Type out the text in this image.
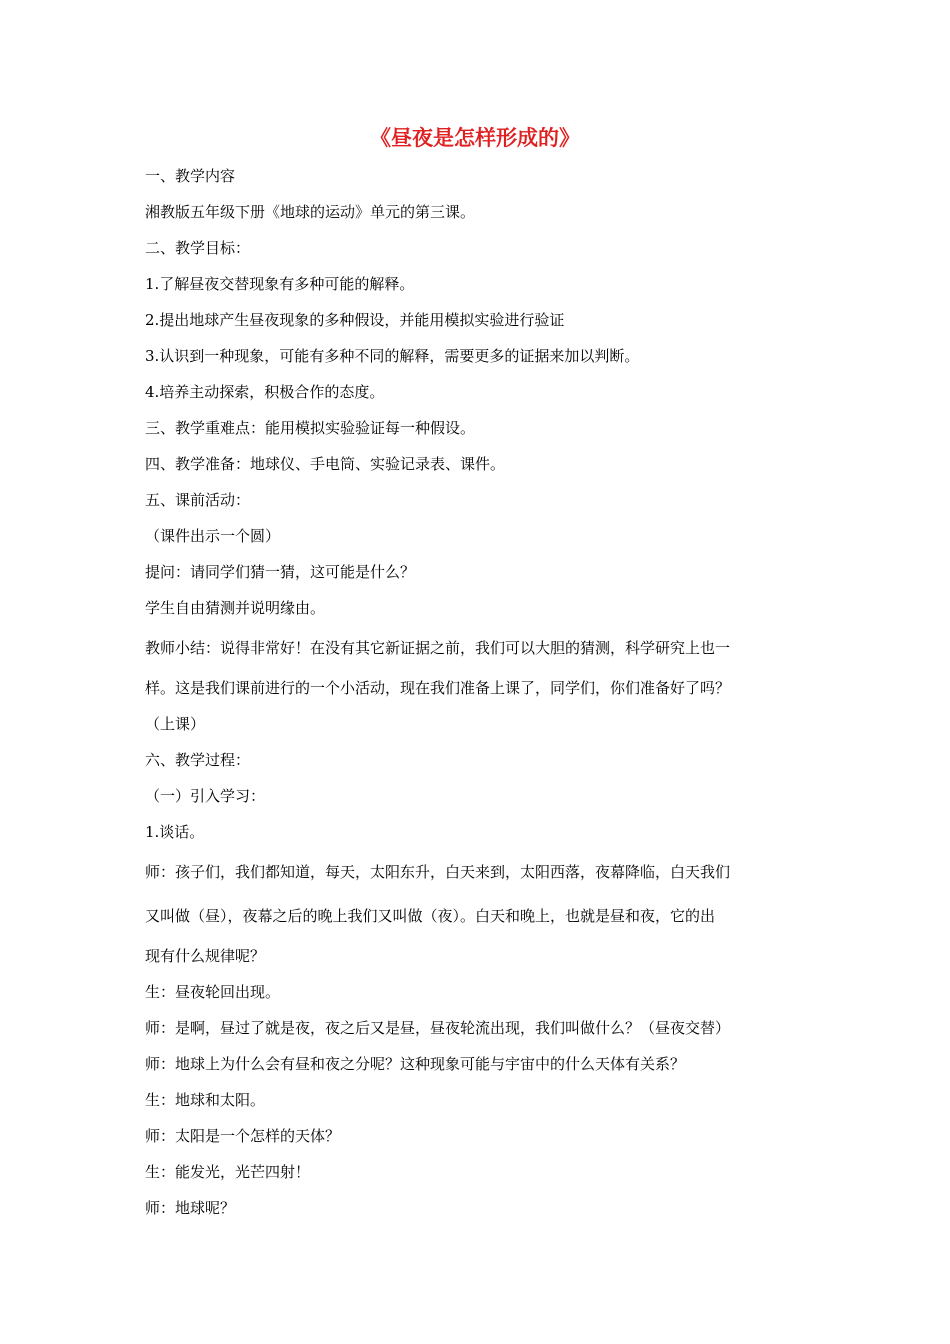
《昼夜是怎样形成的》
一、教学内容
湘教版五年级下册《地球的运动》单元的第三课。
二、教学目标：
1.了解昼夜交替现象有多种可能的解释。
2.提出地球产生昼夜现象的多种假设，并能用模拟实验进行验证
3.认识到一种现象，可能有多种不同的解释，需要更多的证据来加以判断。
4.培养主动探索，积极合作的态度。
三、教学重难点：能用模拟实验验证每一种假设。
四、教学准备：地球仪、手电筒、实验记录表、课件。
五、课前活动：
（课件出示一个圆）
提问：请同学们猜一猜，这可能是什么？
学生自由猜测并说明缘由。
教师小结：说得非常好！在没有其它新证据之前，我们可以大胆的猜测，科学研究上也一
样。这是我们课前进行的一个小活动，现在我们准备上课了，同学们，你们准备好了吗？
（上课）
六、教学过程：
（一）引入学习：
1.谈话。
师：孩子们，我们都知道，每天，太阳东升，白天来到，太阳西落，夜幕降临，白天我们
又叫做（昼），夜幕之后的晚上我们又叫做（夜）。白天和晚上，也就是昼和夜，它的出
现有什么规律呢？
生：昼夜轮回出现。
师：是啊，昼过了就是夜，夜之后又是昼，昼夜轮流出现，我们叫做什么？（昼夜交替）
师：地球上为什么会有昼和夜之分呢？这种现象可能与宇宙中的什么天体有关系？
生：地球和太阳。
师：太阳是一个怎样的天体？
生：能发光，光芒四射！
师：地球呢？
